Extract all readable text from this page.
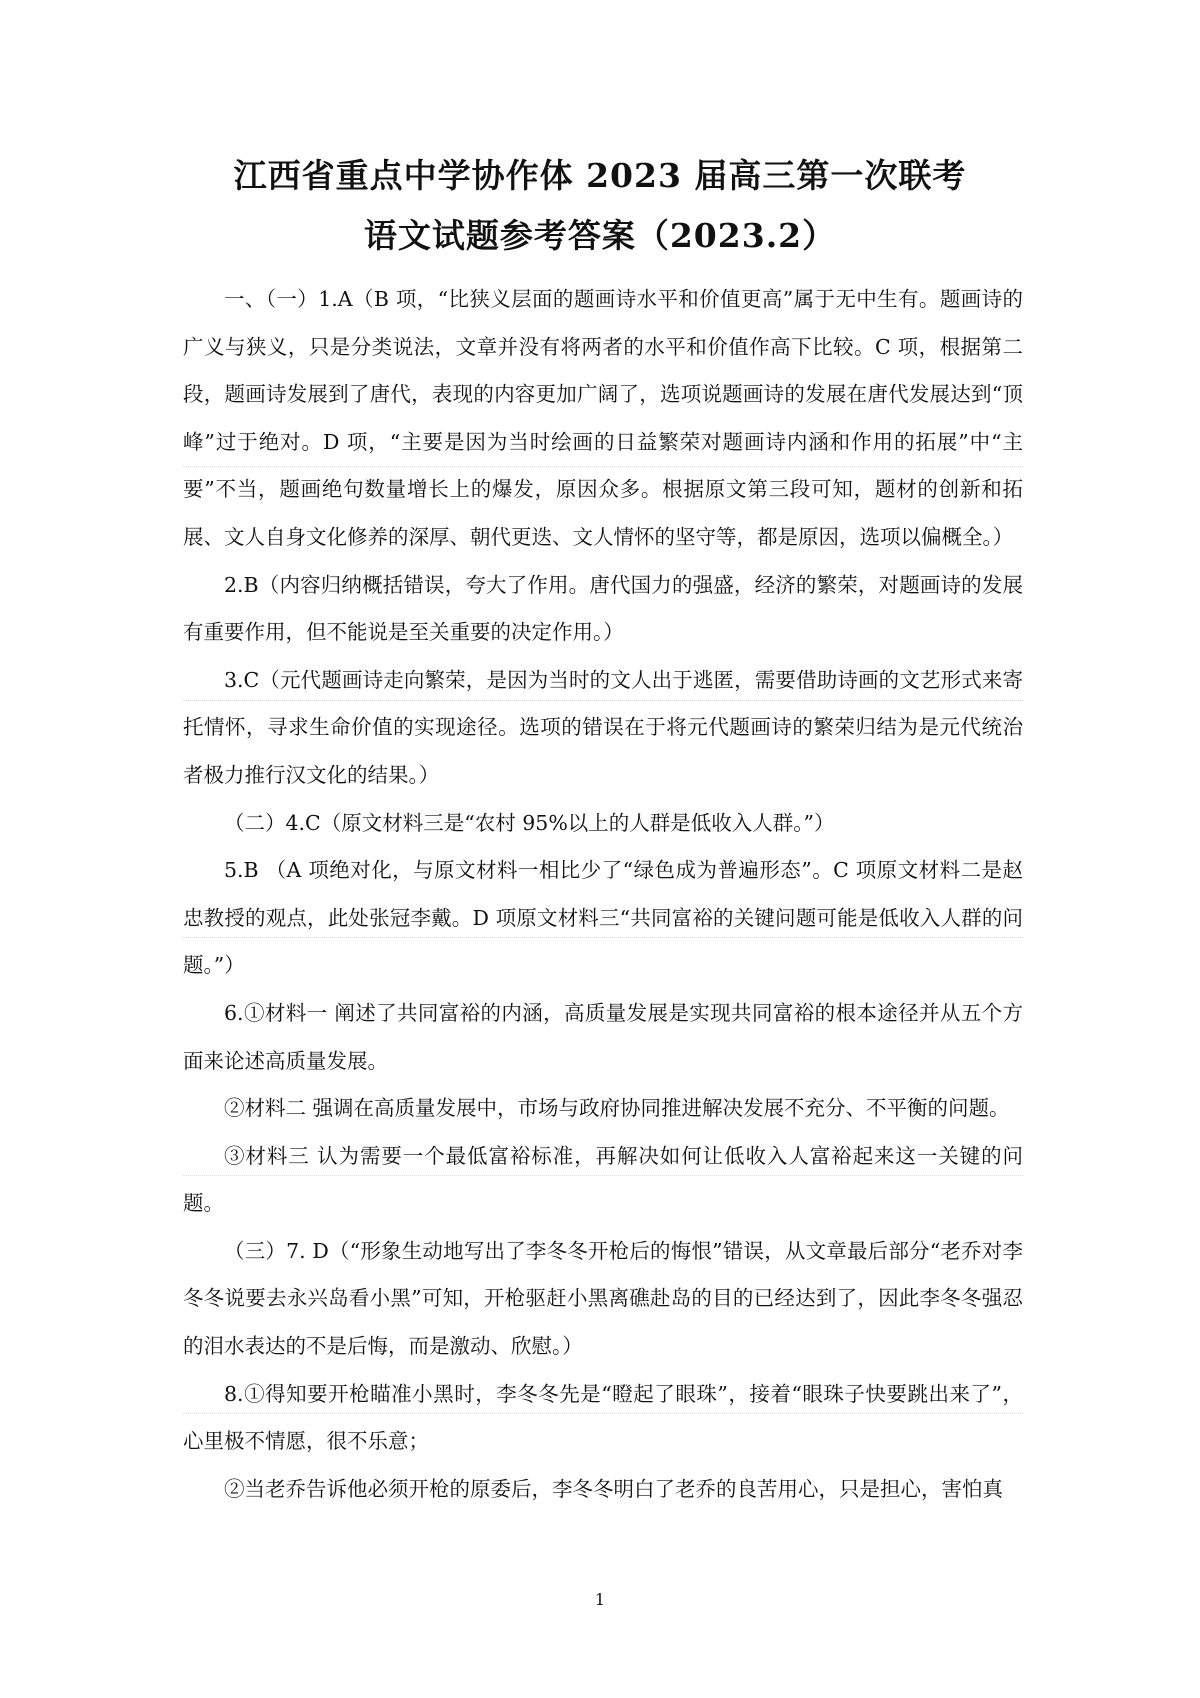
江西省重点中学协作体 2023 届高三第一次联考
语文试题参考答案（2023.2）

一、（一）1.A（B 项，“比狭义层面的题画诗水平和价值更高”属于无中生有。题画诗的广义与狭义，只是分类说法，文章并没有将两者的水平和价值作高下比较。C 项，根据第二段，题画诗发展到了唐代，表现的内容更加广阔了，选项说题画诗的发展在唐代发展达到“顶峰”过于绝对。D 项，“主要是因为当时绘画的日益繁荣对题画诗内涵和作用的拓展”中“主要”不当，题画绝句数量增长上的爆发，原因众多。根据原文第三段可知，题材的创新和拓展、文人自身文化修养的深厚、朝代更迭、文人情怀的坚守等，都是原因，选项以偏概全。）

2.B（内容归纳概括错误，夸大了作用。唐代国力的强盛，经济的繁荣，对题画诗的发展有重要作用，但不能说是至关重要的决定作用。）

3.C（元代题画诗走向繁荣，是因为当时的文人出于逃匿，需要借助诗画的文艺形式来寄托情怀，寻求生命价值的实现途径。选项的错误在于将元代题画诗的繁荣归结为是元代统治者极力推行汉文化的结果。）

（二）4.C（原文材料三是“农村 95%以上的人群是低收入人群。”）

5.B （A 项绝对化，与原文材料一相比少了“绿色成为普遍形态”。C 项原文材料二是赵忠教授的观点，此处张冠李戴。D 项原文材料三“共同富裕的关键问题可能是低收入人群的问题。”）

6.①材料一 阐述了共同富裕的内涵，高质量发展是实现共同富裕的根本途径并从五个方面来论述高质量发展。

②材料二 强调在高质量发展中，市场与政府协同推进解决发展不充分、不平衡的问题。

③材料三 认为需要一个最低富裕标准，再解决如何让低收入人富裕起来这一关键的问题。

（三）7. D（“形象生动地写出了李冬冬开枪后的悔恨”错误，从文章最后部分“老乔对李冬冬说要去永兴岛看小黑”可知，开枪驱赶小黑离礁赴岛的目的已经达到了，因此李冬冬强忍的泪水表达的不是后悔，而是激动、欣慰。）

8.①得知要开枪瞄准小黑时，李冬冬先是“瞪起了眼珠”，接着“眼珠子快要跳出来了”，心里极不情愿，很不乐意；

②当老乔告诉他必须开枪的原委后，李冬冬明白了老乔的良苦用心，只是担心，害怕真

1
